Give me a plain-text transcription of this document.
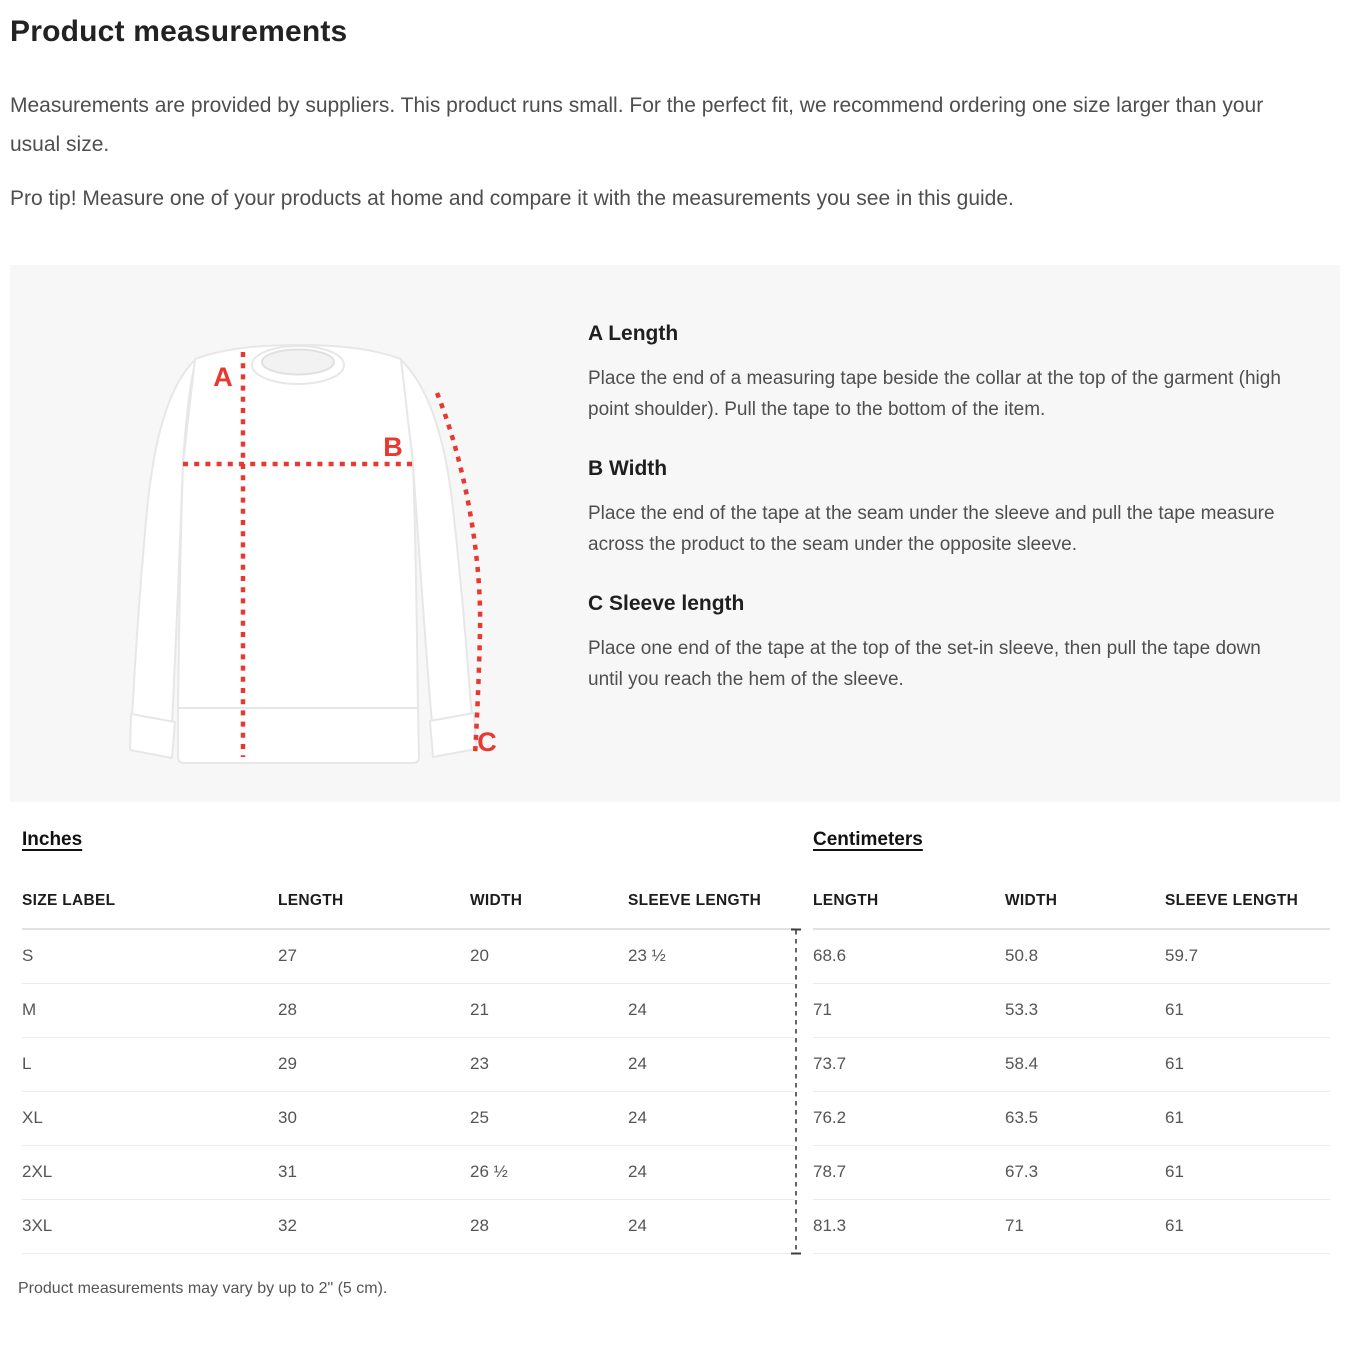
Product measurements

Measurements are provided by suppliers. This product runs small. For the perfect fit, we recommend ordering one size larger than your usual size.

Pro tip! Measure one of your products at home and compare it with the measurements you see in this guide.

A
B
C
A Length

Place the end of a measuring tape beside the collar at the top of the garment (high point shoulder). Pull the tape to the bottom of the item.

B Width

Place the end of the tape at the seam under the sleeve and pull the tape measure across the product to the seam under the opposite sleeve.

C Sleeve length

Place one end of the tape at the top of the set-in sleeve, then pull the tape down until you reach the hem of the sleeve.

Inches
SIZE LABEL	LENGTH	WIDTH	SLEEVE LENGTH
S	27	20	23 ½
M	28	21	24
L	29	23	24
XL	30	25	24
2XL	31	26 ½	24
3XL	32	28	24
Centimeters
LENGTH	WIDTH	SLEEVE LENGTH
68.6	50.8	59.7
71	53.3	61
73.7	58.4	61
76.2	63.5	61
78.7	67.3	61
81.3	71	61

Product measurements may vary by up to 2" (5 cm).
